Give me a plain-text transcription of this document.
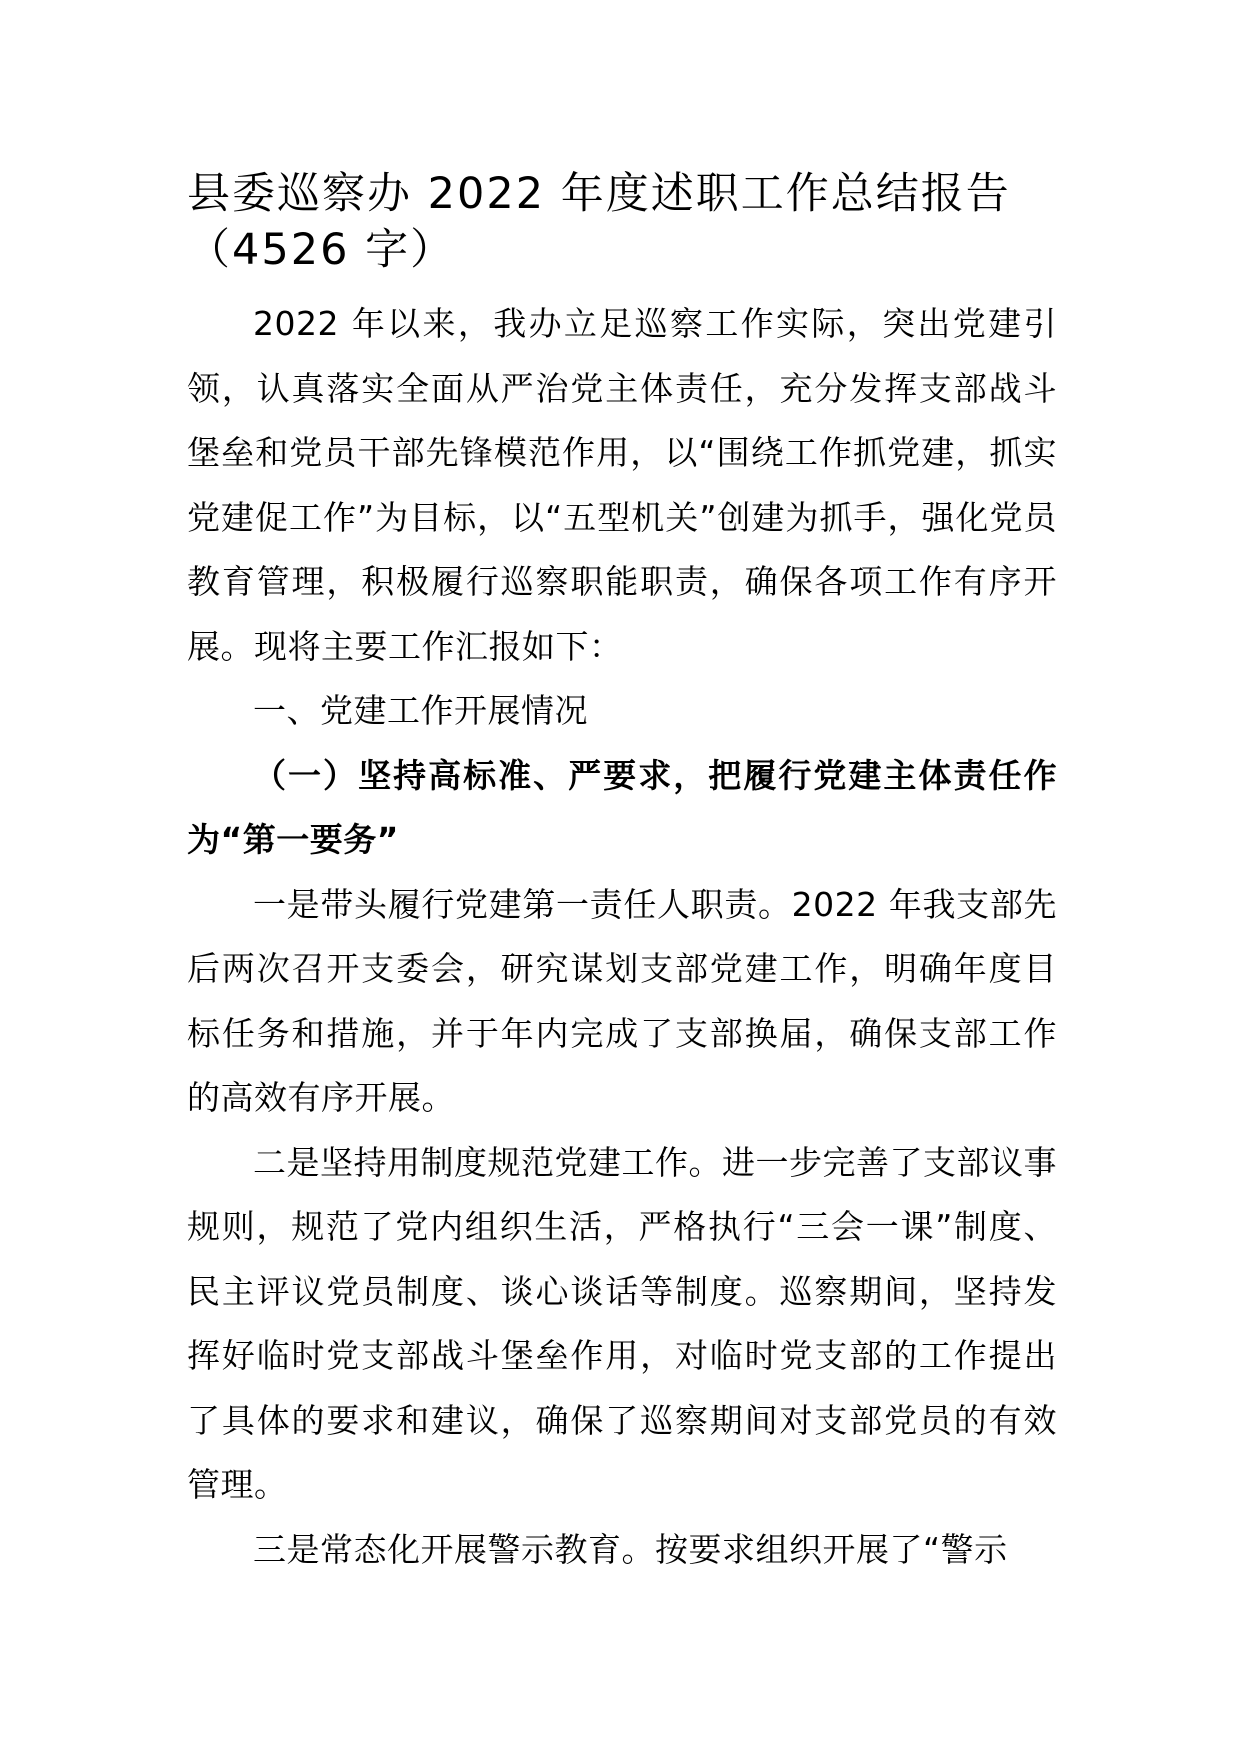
县委巡察办 2022 年度述职工作总结报告（4526 字）

2022 年以来，我办立足巡察工作实际，突出党建引领，认真落实全面从严治党主体责任，充分发挥支部战斗堡垒和党员干部先锋模范作用，以“围绕工作抓党建，抓实党建促工作”为目标，以“五型机关”创建为抓手，强化党员教育管理，积极履行巡察职能职责，确保各项工作有序开展。现将主要工作汇报如下：

一、党建工作开展情况

（一）坚持高标准、严要求，把履行党建主体责任作为“第一要务”

一是带头履行党建第一责任人职责。2022 年我支部先后两次召开支委会，研究谋划支部党建工作，明确年度目标任务和措施，并于年内完成了支部换届，确保支部工作的高效有序开展。

二是坚持用制度规范党建工作。进一步完善了支部议事规则，规范了党内组织生活，严格执行“三会一课”制度、民主评议党员制度、谈心谈话等制度。巡察期间，坚持发挥好临时党支部战斗堡垒作用，对临时党支部的工作提出了具体的要求和建议，确保了巡察期间对支部党员的有效管理。

三是常态化开展警示教育。按要求组织开展了“警示
